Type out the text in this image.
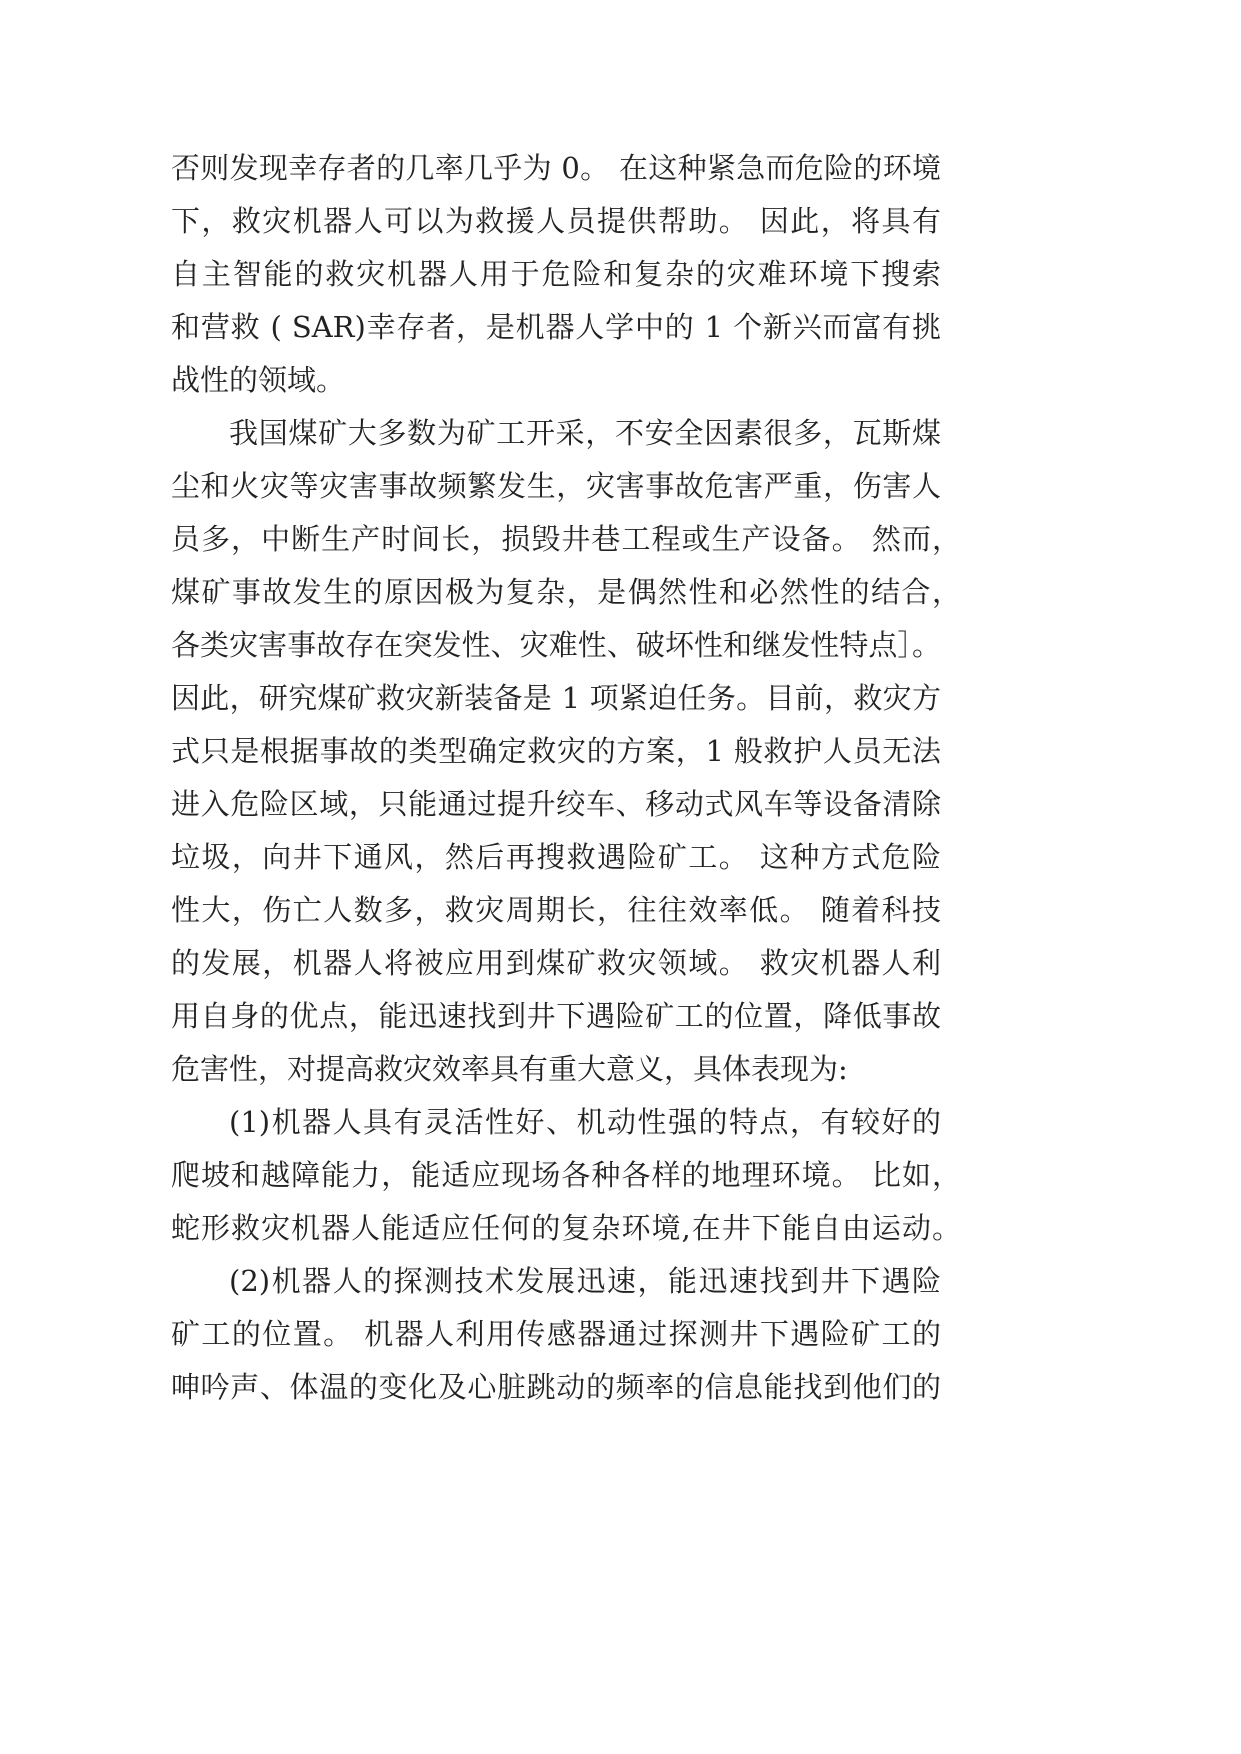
否则发现幸存者的几率几乎为 0。 在这种紧急而危险的环境
下，救灾机器人可以为救援人员提供帮助。 因此，将具有
自主智能的救灾机器人用于危险和复杂的灾难环境下搜索
和营救 ( SAR)幸存者，是机器人学中的 1 个新兴而富有挑
战性的领域。
我国煤矿大多数为矿工开采，不安全因素很多，瓦斯煤
尘和火灾等灾害事故频繁发生，灾害事故危害严重，伤害人
员多，中断生产时间长，损毁井巷工程或生产设备。 然而，
煤矿事故发生的原因极为复杂，是偶然性和必然性的结合，
各类灾害事故存在突发性、灾难性、破坏性和继发性特点］。
因此，研究煤矿救灾新装备是 1 项紧迫任务。目前，救灾方
式只是根据事故的类型确定救灾的方案，1 般救护人员无法
进入危险区域，只能通过提升绞车、移动式风车等设备清除
垃圾，向井下通风，然后再搜救遇险矿工。 这种方式危险
性大，伤亡人数多，救灾周期长，往往效率低。 随着科技
的发展，机器人将被应用到煤矿救灾领域。 救灾机器人利
用自身的优点，能迅速找到井下遇险矿工的位置，降低事故
危害性，对提高救灾效率具有重大意义，具体表现为:
(1)机器人具有灵活性好、机动性强的特点，有较好的
爬坡和越障能力，能适应现场各种各样的地理环境。 比如，
蛇形救灾机器人能适应任何的复杂环境,在井下能自由运动。
(2)机器人的探测技术发展迅速，能迅速找到井下遇险
矿工的位置。 机器人利用传感器通过探测井下遇险矿工的
呻吟声、体温的变化及心脏跳动的频率的信息能找到他们的
